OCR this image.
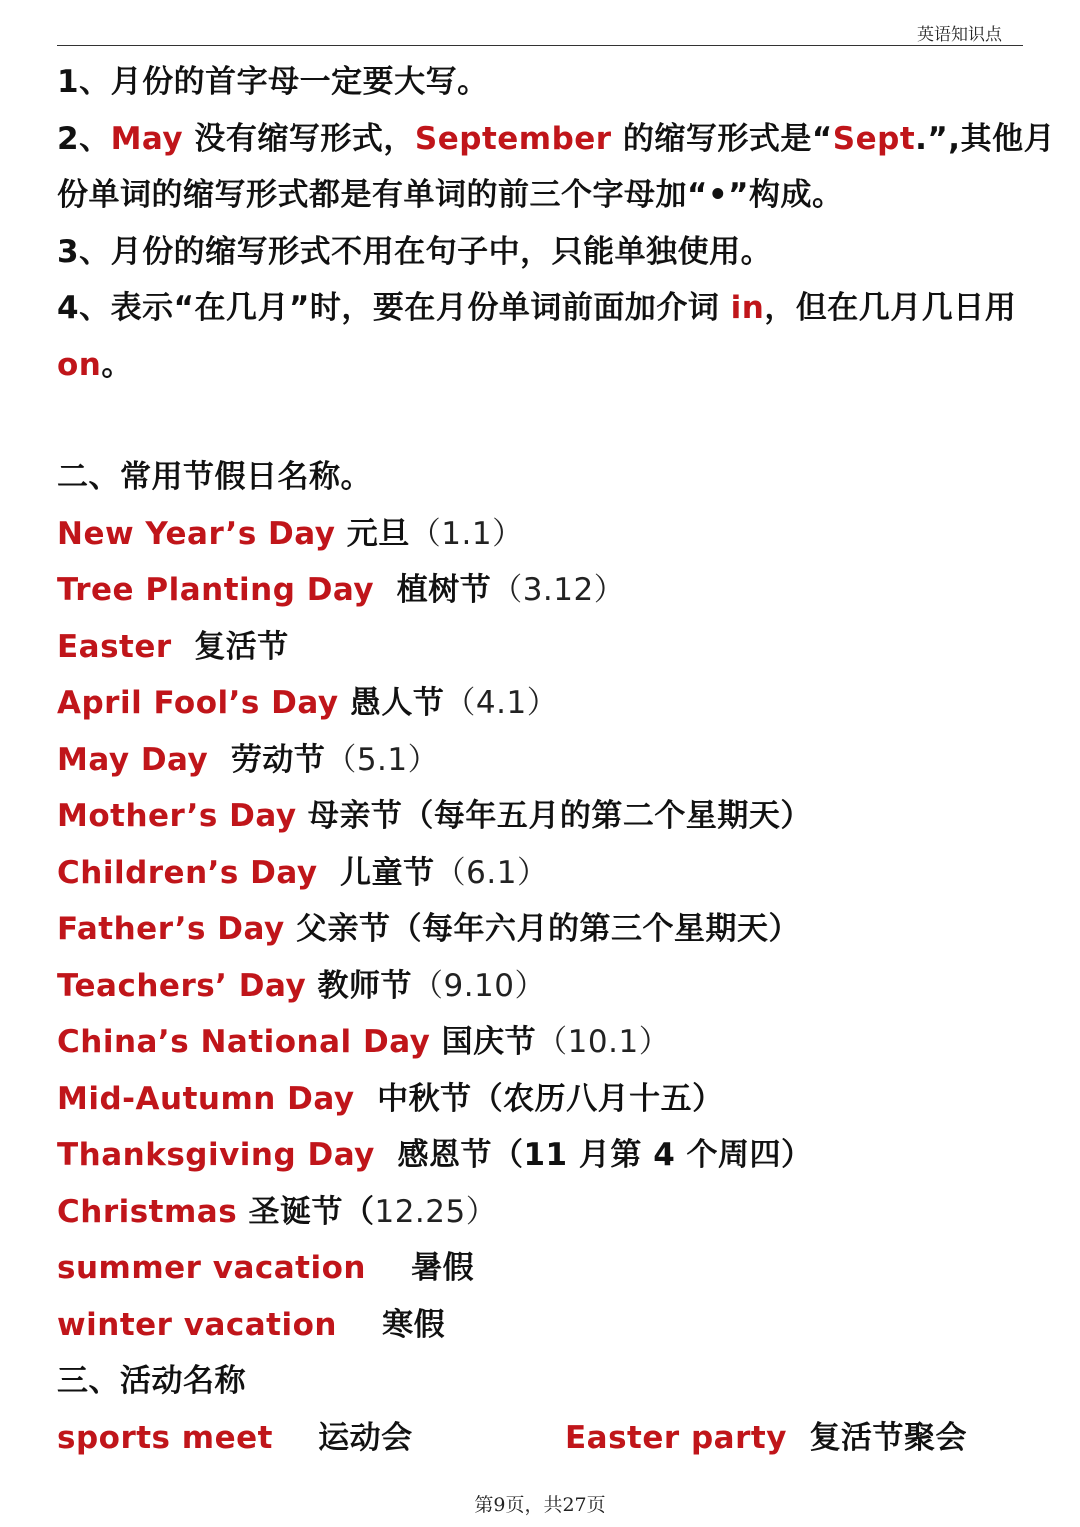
英语知识点
1、月份的首字母一定要大写。
2、May 没有缩写形式，September 的缩写形式是“Sept.”,其他月
份单词的缩写形式都是有单词的前三个字母加“•”构成。
3、月份的缩写形式不用在句子中，只能单独使用。
4、表示“在几月”时，要在月份单词前面加介词 in，但在几月几日用
on。
二、常用节假日名称。
New Year’s Day 元旦（1.1）
Tree Planting Day  植树节（3.12）
Easter  复活节
April Fool’s Day 愚人节（4.1）
May Day  劳动节（5.1）
Mother’s Day 母亲节（每年五月的第二个星期天）
Children’s Day  儿童节（6.1）
Father’s Day 父亲节（每年六月的第三个星期天）
Teachers’ Day 教师节（9.10）
China’s National Day 国庆节（10.1）
Mid-Autumn Day  中秋节（农历八月十五）
Thanksgiving Day  感恩节（11 月第 4 个周四）
Christmas 圣诞节（12.25）
summer vacation    暑假
winter vacation    寒假
三、活动名称
sports meet    运动会	Easter party  复活节聚会
第9页，共27页
